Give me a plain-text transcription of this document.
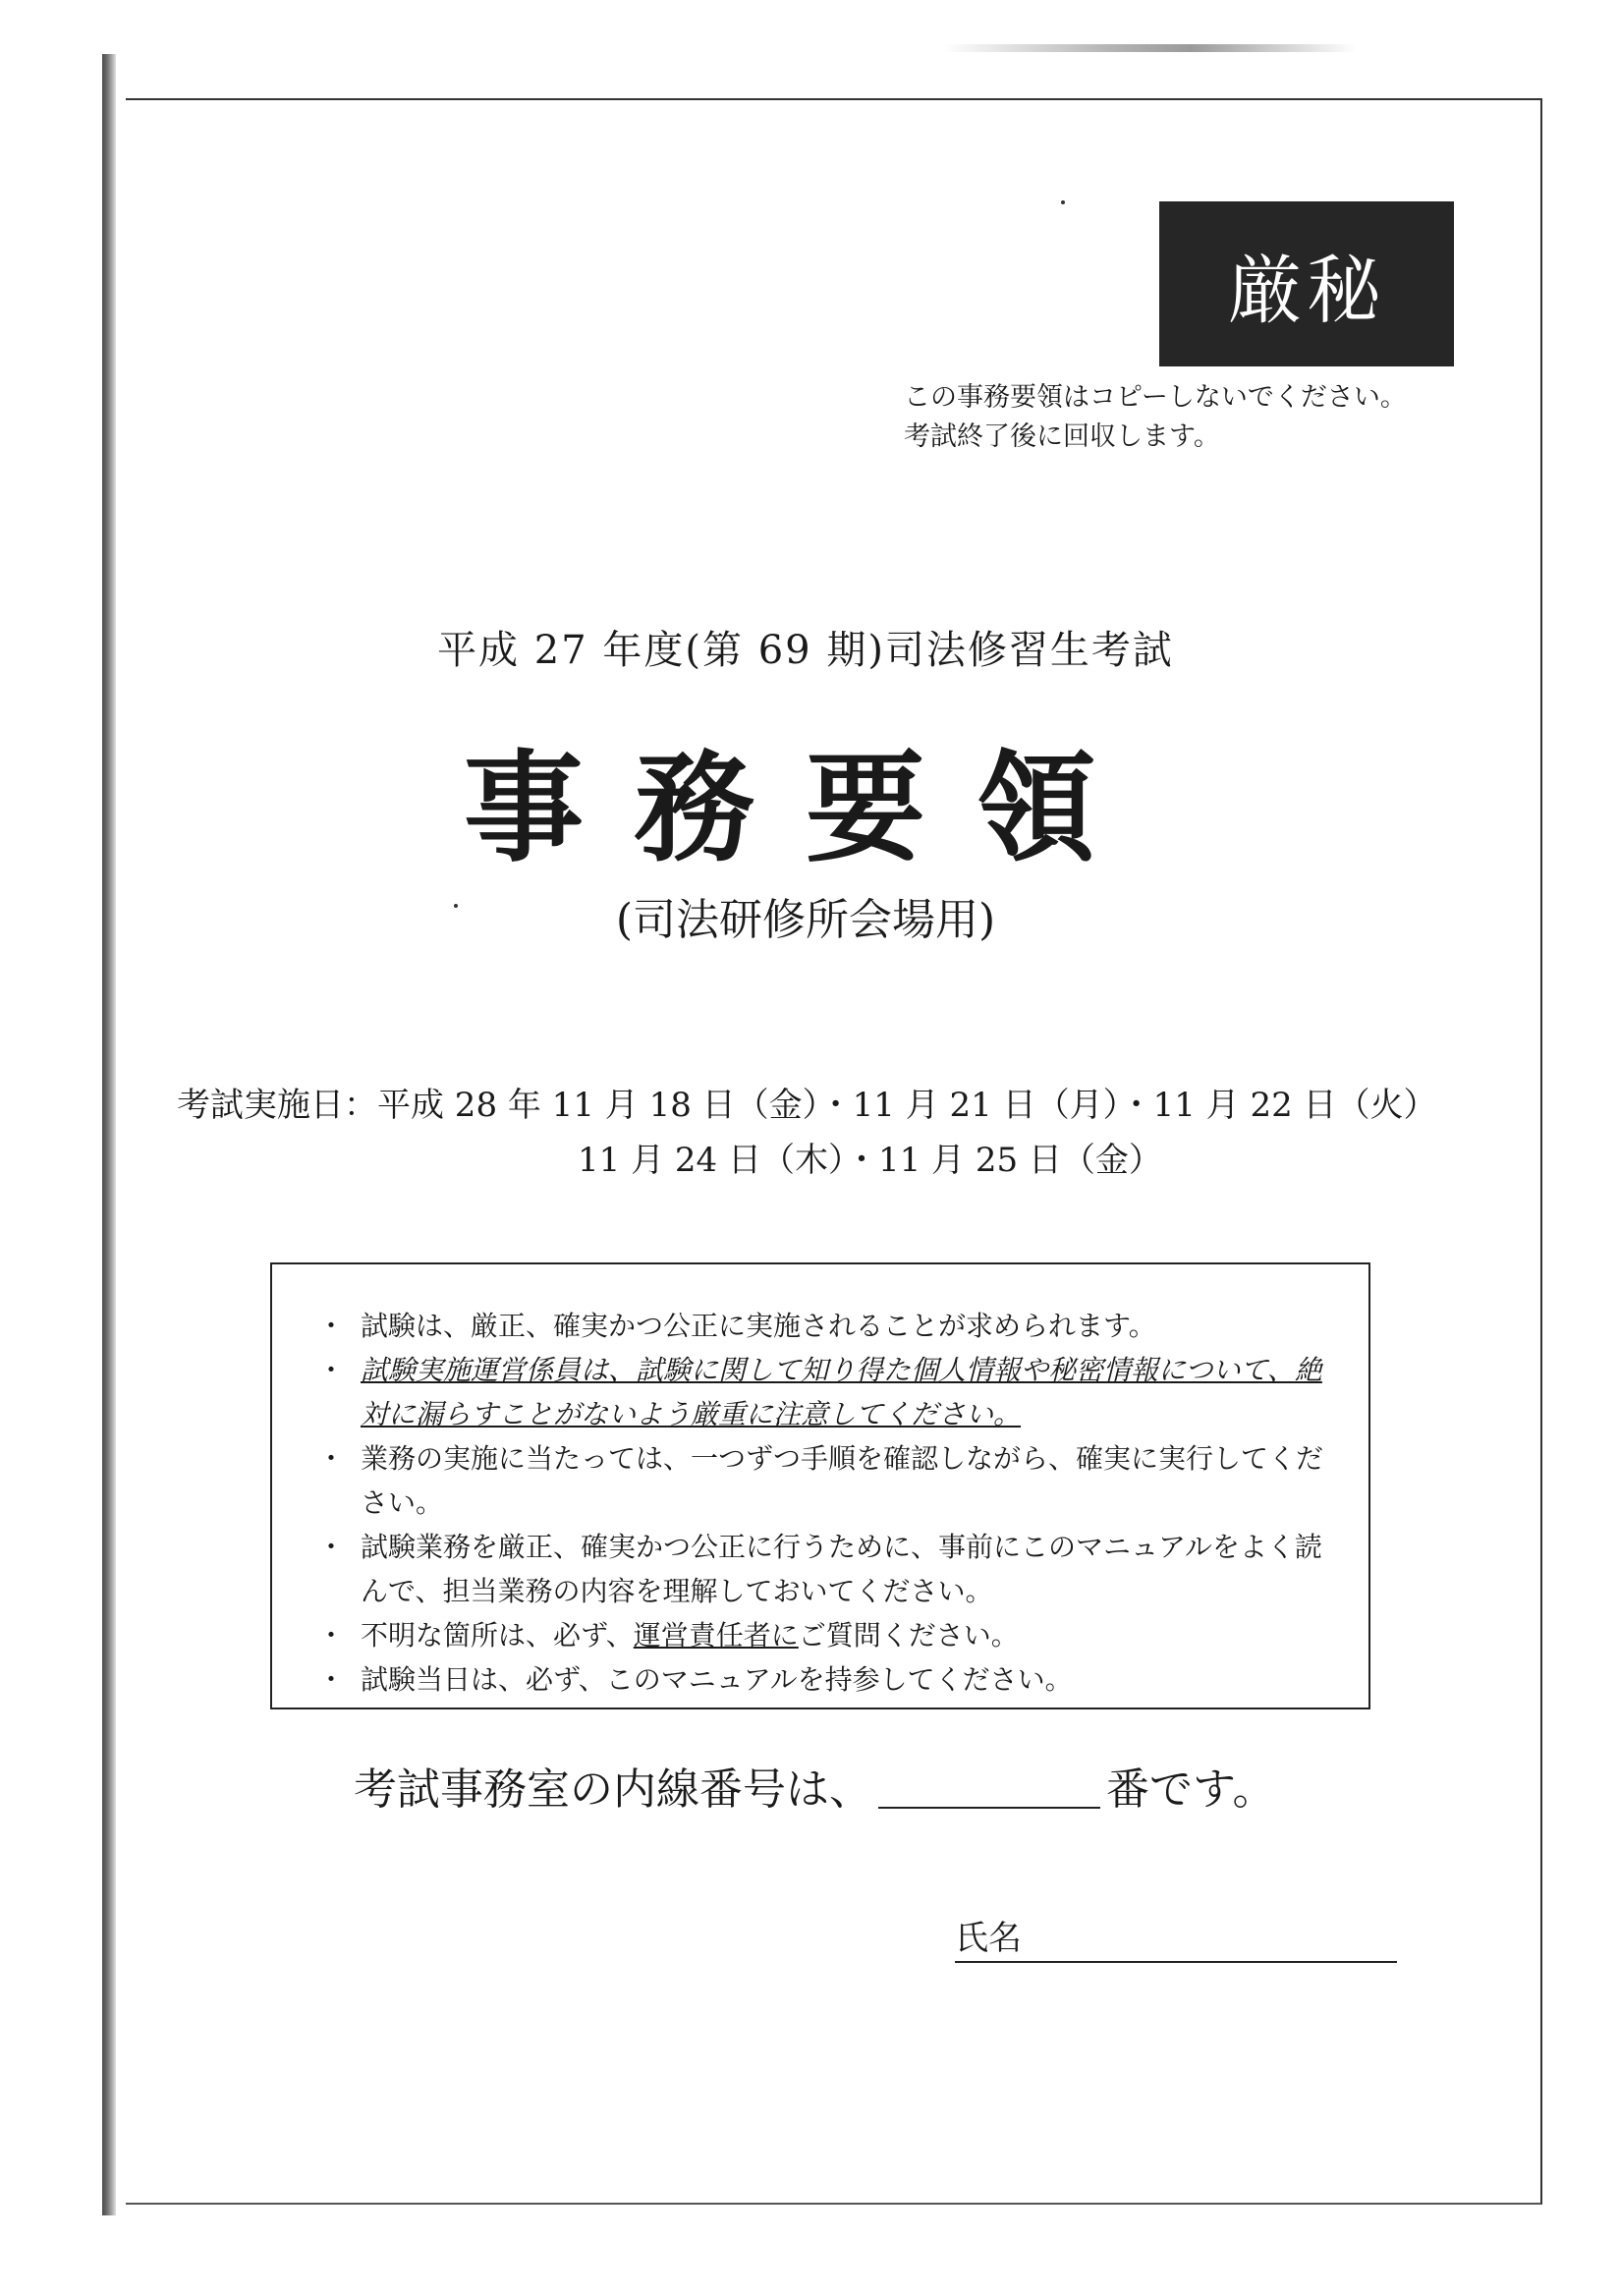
厳秘
この事務要領はコピーしないでください。
考試終了後に回収します。
平成 27 年度(第 69 期)司法修習生考試
事務要領
(司法研修所会場用)
考試実施日：平成 28 年 11 月 18 日（金）・11 月 21 日（月）・11 月 22 日（火）
11 月 24 日（木）・11 月 25 日（金）
・ 試験は、厳正、確実かつ公正に実施されることが求められます。
・ 試験実施運営係員は、試験に関して知り得た個人情報や秘密情報について、絶対に漏らすことがないよう厳重に注意してください。
・ 業務の実施に当たっては、一つずつ手順を確認しながら、確実に実行してください。
・ 試験業務を厳正、確実かつ公正に行うために、事前にこのマニュアルをよく読んで、担当業務の内容を理解しておいてください。
・ 不明な箇所は、必ず、運営責任者にご質問ください。
・ 試験当日は、必ず、このマニュアルを持参してください。
考試事務室の内線番号は、	番です。
氏名
